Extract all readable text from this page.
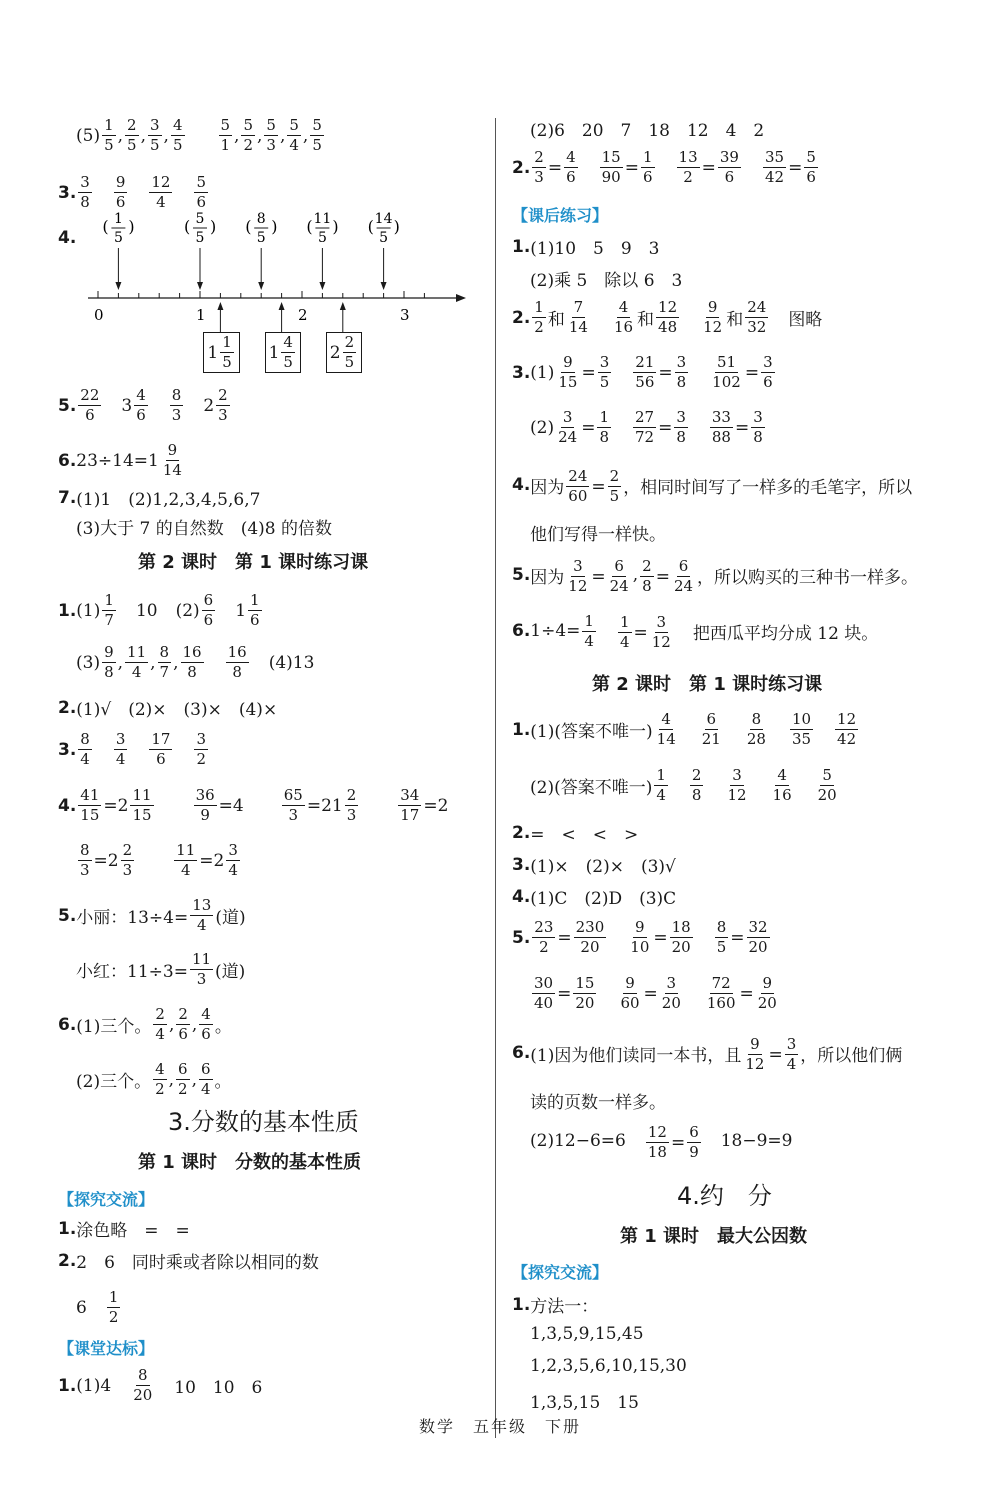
$(5) \frac{1}{5}$ , $\frac{2}{5}$ , $\frac{3}{5}$ , $\frac{4}{5} \frac{5}{1}$ , $\frac{5}{2}$ , $\frac{5}{3}$ , $\frac{5}{4}$ , $\frac{5}{5}$
3. $\frac{3}{8} \frac{9}{6} \frac{12}{4} \frac{5}{6}$
4.
( 1
5
)	( 5
5
) ( 8
5
) ( 11
5
) ( 14
5
)
0	1	2	3
$1 \frac{1}{5} 1 \frac{4}{5} 2 \frac{2}{5}$
5. $\frac{22}{6} 3 \frac{4}{6} \frac{8}{3} 2 \frac{2}{3}$
6. $23\div 14=1 \frac{9}{14}$
7. (1)1　(2)1,2,3,4,5,6,7
(3)大于 7 的自然数　(4)8 的倍数
第 2 课时　第 1 课时练习课
1. $(1) \frac{1}{7} 10$ $(2) \frac{6}{6} 1 \frac{1}{6}$
$(3) \frac{9}{8}$ , $\frac{11}{4}$ , $\frac{8}{7}$ , $\frac{16}{8} \frac{16}{8} (4)13$
2. (1)√　(2)×　(3)×　(4)×
3. $\frac{8}{4} \frac{3}{4} \frac{17}{6} \frac{3}{2}$
4. $\frac{41}{15} = 2 \frac{11}{15}$	$\frac{36}{9} = 4$	$\frac{65}{3} = 21 \frac{2}{3}$	$\frac{34}{17} = 2$
$\frac{8}{3} = 2 \frac{2}{3}$	$\frac{11}{4} = 2 \frac{3}{4}$
5. 小丽：$13\div 4= \frac{13}{4}$ (道)
小红：$11\div 3= \frac{11}{3}$ (道)
6. (1)三个。 $\frac{2}{4}$ , $\frac{2}{6}$ , $\frac{4}{6}$ 。
(2)三个。 $\frac{4}{2}$ , $\frac{6}{2}$ , $\frac{6}{4}$ 。
3.分数的基本性质
第 1 课时　分数的基本性质
【探究交流】
1. 涂色略　=　=
2. 2　6　同时乘或者除以相同的数
$6 \frac{1}{2}$
【课堂达标】
1. $(1)4 \frac{8}{20} 10$　10　6
(2)6　20　7　18　12　4　2
2. $\frac{2}{3} = \frac{4}{6} \frac{15}{90} = \frac{1}{6} \frac{13}{2} = \frac{39}{6} \frac{35}{42} = \frac{5}{6}$
【课后练习】
1. (1)10　5　9　3
(2)乘 5　除以 6　3
2. $\frac{1}{2}$ 和 $\frac{7}{14} \frac{4}{16}$ 和 $\frac{12}{48} \frac{9}{12}$ 和 $\frac{24}{32}$ 图略
3. $(1) \frac{9}{15} = \frac{3}{5} \frac{21}{56} = \frac{3}{8} \frac{51}{102} = \frac{3}{6}$
$(2) \frac{3}{24} = \frac{1}{8} \frac{27}{72} = \frac{3}{8} \frac{33}{88} = \frac{3}{8}$
4. 因为 $\frac{24}{60} = \frac{2}{5}$ ，相同时间写了一样多的毛笔字，所以
他们写得一样快。
5. 因为 $\frac{3}{12} = \frac{6}{24}$ , $\frac{2}{8} = \frac{6}{24}$ ，所以购买的三种书一样多。
6. $1\div 4= \frac{1}{4} \frac{1}{4} = \frac{3}{12}$ 把西瓜平均分成 12 块。
第 2 课时　第 1 课时练习课
1. (1)(答案不唯一) $\frac{4}{14} \frac{6}{21} \frac{8}{28} \frac{10}{35} \frac{12}{42}$
(2)(答案不唯一) $\frac{1}{4} \frac{2}{8} \frac{3}{12} \frac{4}{16} \frac{5}{20}$
2. =　<　<　>
3. (1)×　(2)×　(3)√
4. (1)C　(2)D　(3)C
5. $\frac{23}{2} = \frac{230}{20} \frac{9}{10} = \frac{18}{20} \frac{8}{5} = \frac{32}{20}$
$\frac{30}{40} = \frac{15}{20} \frac{9}{60} = \frac{3}{20} \frac{72}{160} = \frac{9}{20}$
6. (1)因为他们读同一本书，且 $\frac{9}{12} = \frac{3}{4}$ ，所以他们俩
读的页数一样多。
$(2)12-6=6 \frac{12}{18} = \frac{6}{9} 18-9=9$
4.约　分
第 1 课时　最大公因数
【探究交流】
1. 方法一：
1,3,5,9,15,45
1,2,3,5,6,10,15,30
1,3,5,15　15
数学　五年级　下册
